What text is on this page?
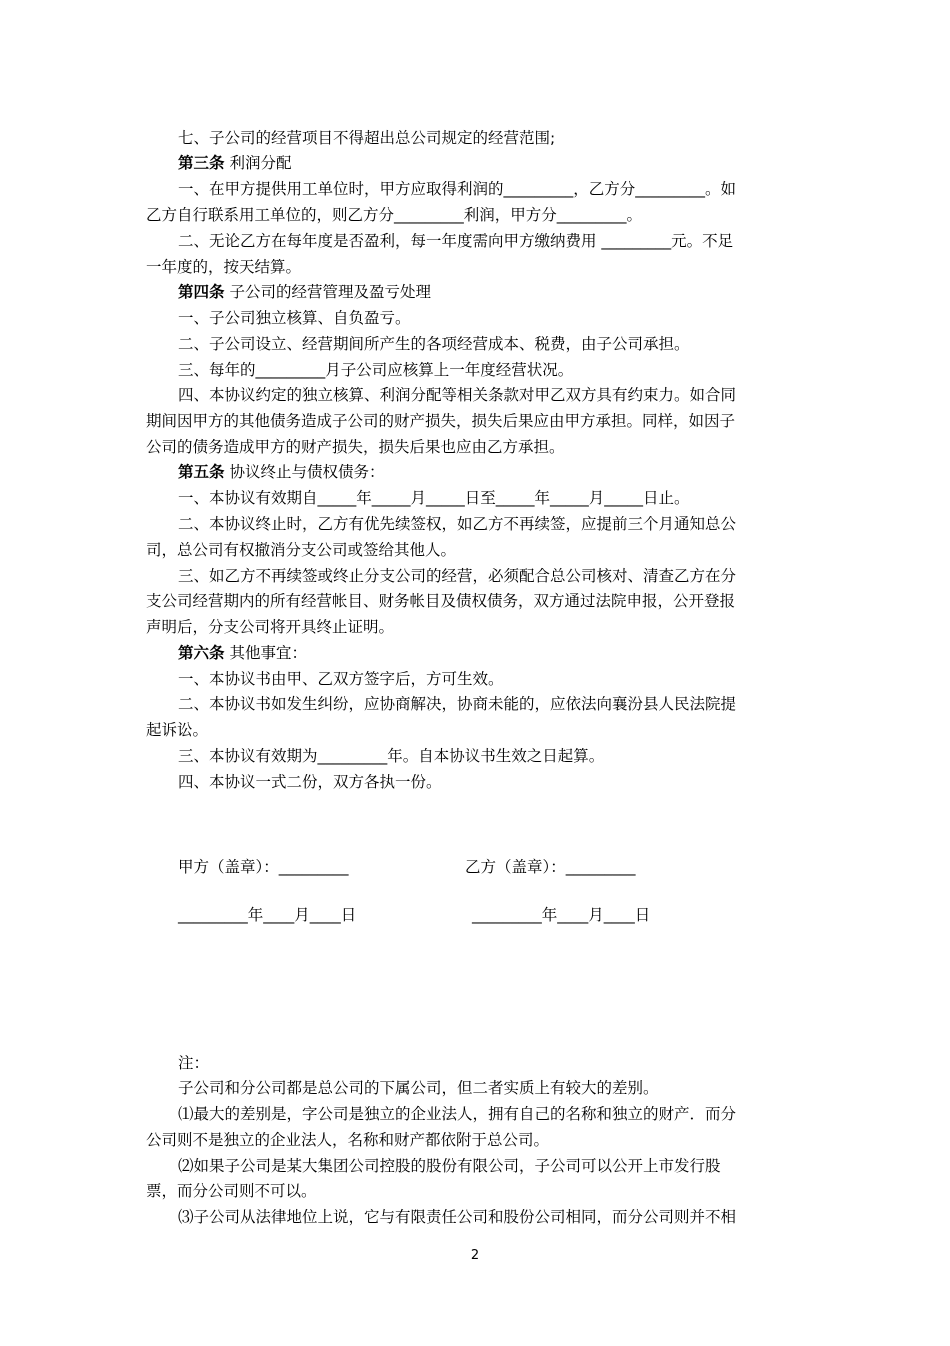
七、子公司的经营项目不得超出总公司规定的经营范围;
第三条 利润分配
一、在甲方提供用工单位时，甲方应取得利润的_________，乙方分_________。如
乙方自行联系用工单位的，则乙方分_________利润，甲方分_________。
二、无论乙方在每年度是否盈利，每一年度需向甲方缴纳费用 _________元。不足
一年度的，按天结算。
第四条 子公司的经营管理及盈亏处理
一、子公司独立核算、自负盈亏。
二、子公司设立、经营期间所产生的各项经营成本、税费，由子公司承担。
三、每年的_________月子公司应核算上一年度经营状况。
四、本协议约定的独立核算、利润分配等相关条款对甲乙双方具有约束力。如合同
期间因甲方的其他债务造成子公司的财产损失，损失后果应由甲方承担。同样，如因子
公司的债务造成甲方的财产损失，损失后果也应由乙方承担。
第五条 协议终止与债权债务：
一、本协议有效期自_____年_____月_____日至_____年_____月_____日止。
二、本协议终止时，乙方有优先续签权，如乙方不再续签，应提前三个月通知总公
司，总公司有权撤消分支公司或签给其他人。
三、如乙方不再续签或终止分支公司的经营，必须配合总公司核对、清查乙方在分
支公司经营期内的所有经营帐目、财务帐目及债权债务，双方通过法院申报，公开登报
声明后，分支公司将开具终止证明。
第六条 其他事宜：
一、本协议书由甲、乙双方签字后，方可生效。
二、本协议书如发生纠纷，应协商解决，协商未能的，应依法向襄汾县人民法院提
起诉讼。
三、本协议有效期为_________年。自本协议书生效之日起算。
四、本协议一式二份，双方各执一份。
甲方（盖章）：_________	乙方（盖章）：_________
_________年____月____日	_________年____月____日
注：
子公司和分公司都是总公司的下属公司，但二者实质上有较大的差别。
⑴最大的差别是，字公司是独立的企业法人，拥有自己的名称和独立的财产．而分
公司则不是独立的企业法人，名称和财产都依附于总公司。
⑵如果子公司是某大集团公司控股的股份有限公司，子公司可以公开上市发行股
票，而分公司则不可以。
⑶子公司从法律地位上说，它与有限责任公司和股份公司相同，而分公司则并不相
2
